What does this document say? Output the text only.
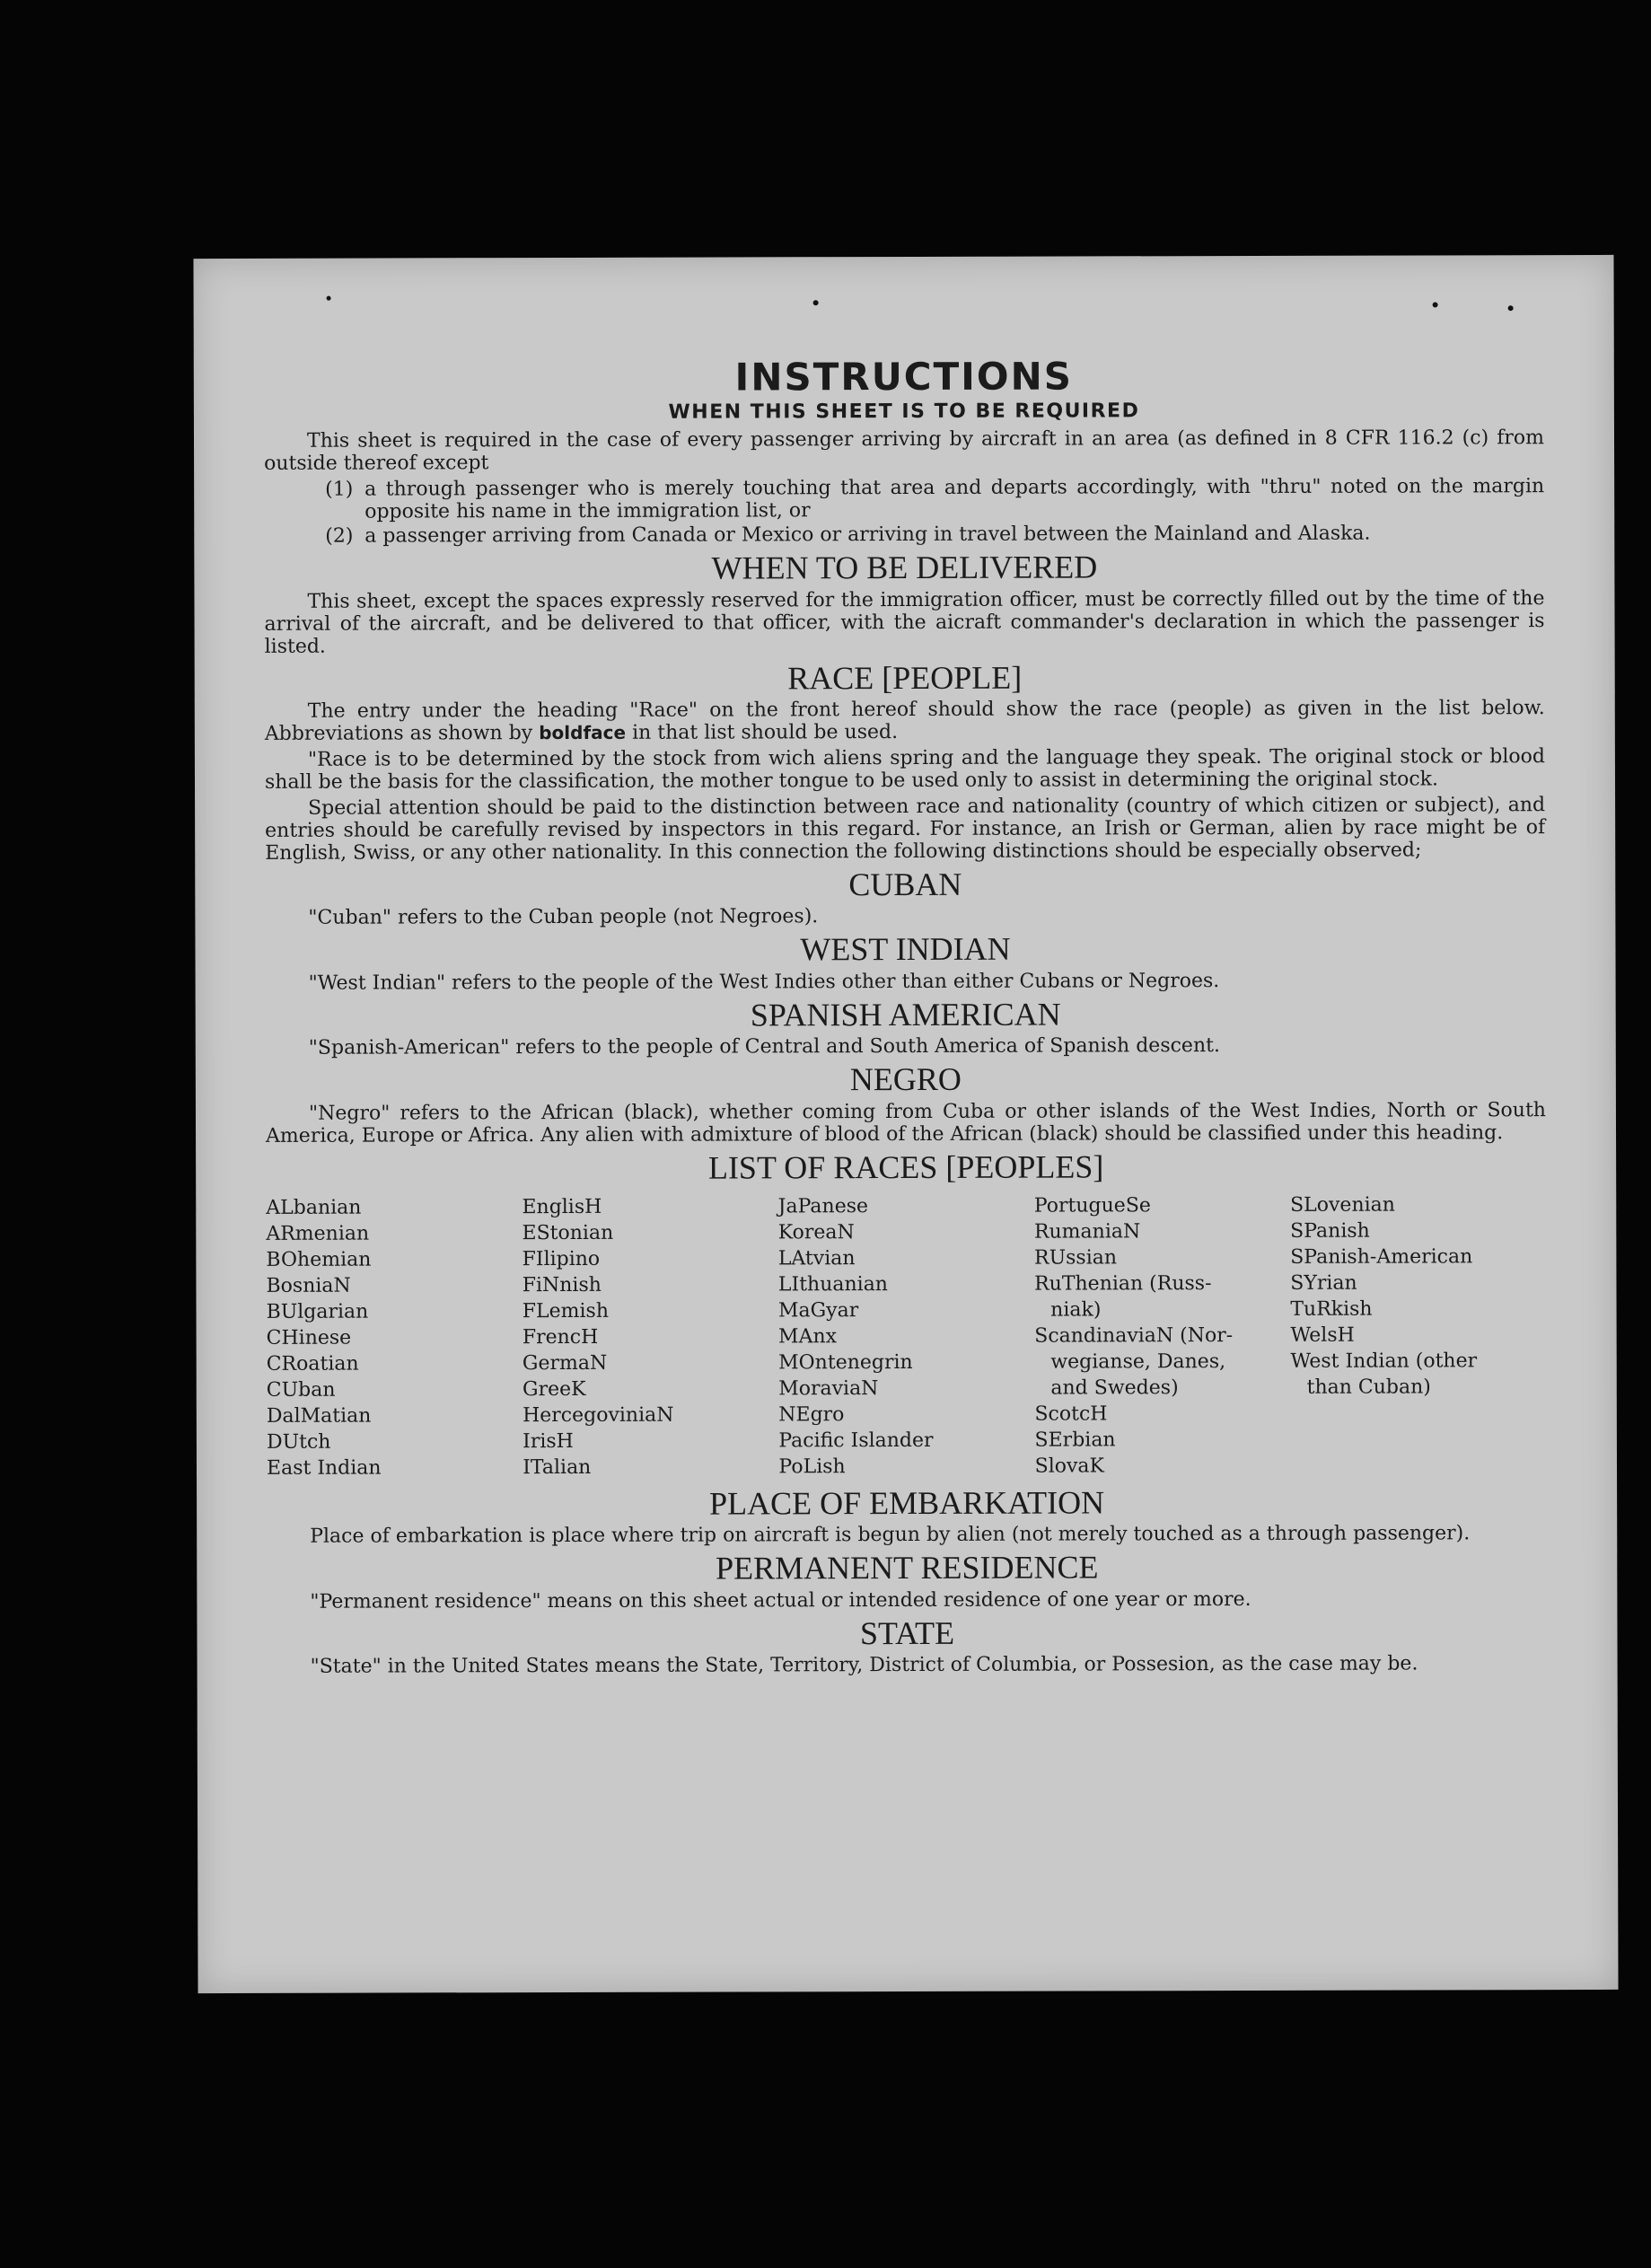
INSTRUCTIONS
WHEN THIS SHEET IS TO BE REQUIRED

This sheet is required in the case of every passenger arriving by aircraft in an area (as defined in 8 CFR 116.2 (c) from outside thereof except

(1) a through passenger who is merely touching that area and departs accordingly, with "thru" noted on the margin opposite his name in the immigration list, or
(2) a passenger arriving from Canada or Mexico or arriving in travel between the Mainland and Alaska.
WHEN TO BE DELIVERED

This sheet, except the spaces expressly reserved for the immigration officer, must be correctly filled out by the time of the arrival of the aircraft, and be delivered to that officer, with the aicraft commander's declaration in which the passenger is listed.

RACE [PEOPLE]

The entry under the heading "Race" on the front hereof should show the race (people) as given in the list below. Abbreviations as shown by boldface in that list should be used.

"Race is to be determined by the stock from wich aliens spring and the language they speak. The original stock or blood shall be the basis for the classification, the mother tongue to be used only to assist in determining the original stock.

Special attention should be paid to the distinction between race and nationality (country of which citizen or subject), and entries should be carefully revised by inspectors in this regard. For instance, an Irish or German, alien by race might be of English, Swiss, or any other nationality. In this connection the following distinctions should be especially observed;

CUBAN

"Cuban" refers to the Cuban people (not Negroes).

WEST INDIAN

"West Indian" refers to the people of the West Indies other than either Cubans or Negroes.

SPANISH AMERICAN

"Spanish-American" refers to the people of Central and South America of Spanish descent.

NEGRO

"Negro" refers to the African (black), whether coming from Cuba or other islands of the West Indies, North or South America, Europe or Africa. Any alien with admixture of blood of the African (black) should be classified under this heading.

LIST OF RACES [PEOPLES]
ALbanian
ARmenian
BOhemian
BosniaN
BUlgarian
CHinese
CRoatian
CUban
DalMatian
DUtch
East Indian
EnglisH
EStonian
FIlipino
FiNnish
FLemish
FrencH
GermaN
GreeK
HercegovinіaN
IrisH
ITalian
JaPanese
KoreaN
LAtvian
LIthuanian
MaGyar
MAnx
MOntenegrin
MoraviaN
NEgro
Pacific Islander
PoLish
PortugueSe
RumaniaN
RUssian
RuThenian (Russ-
niak)
ScandinaviaN (Nor-
wegianse, Danes,
and Swedes)
ScotcH
SErbian
SlovaK
SLovenian
SPanish
SPanish-American
SYrian
TuRkish
WelsH
West Indian (other
than Cuban)
PLACE OF EMBARKATION

Place of embarkation is place where trip on aircraft is begun by alien (not merely touched as a through passenger).

PERMANENT RESIDENCE

"Permanent residence" means on this sheet actual or intended residence of one year or more.

STATE

"State" in the United States means the State, Territory, District of Columbia, or Possesion, as the case may be.
